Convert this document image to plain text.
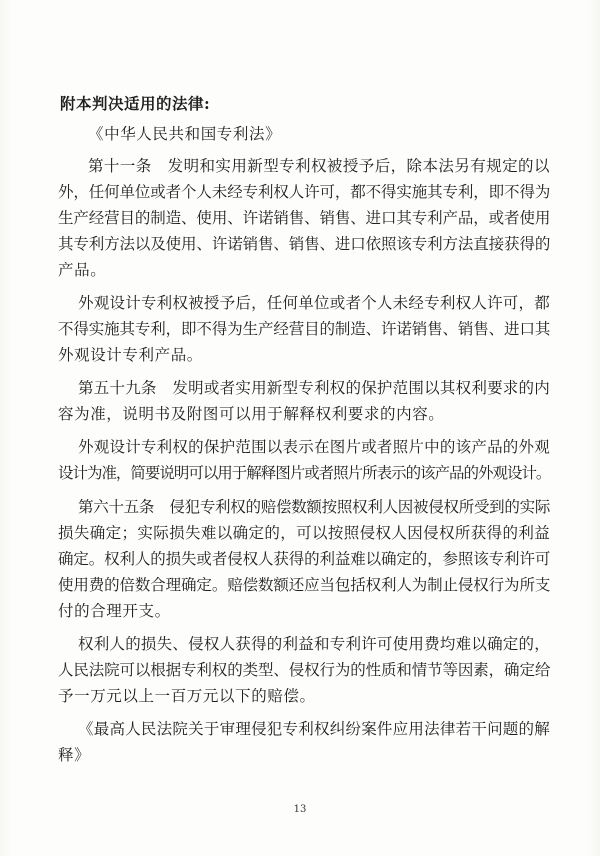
附本判决适用的法律:
《中华人民共和国专利法》
第十一条　发明和实用新型专利权被授予后，除本法另有规定的以
外，任何单位或者个人未经专利权人许可，都不得实施其专利，即不得为
生产经营目的制造、使用、许诺销售、销售、进口其专利产品，或者使用
其专利方法以及使用、许诺销售、销售、进口依照该专利方法直接获得的
产品。
外观设计专利权被授予后，任何单位或者个人未经专利权人许可，都
不得实施其专利，即不得为生产经营目的制造、许诺销售、销售、进口其
外观设计专利产品。
第五十九条　发明或者实用新型专利权的保护范围以其权利要求的内
容为准，说明书及附图可以用于解释权利要求的内容。
外观设计专利权的保护范围以表示在图片或者照片中的该产品的外观
设计为准，简要说明可以用于解释图片或者照片所表示的该产品的外观设计。
第六十五条　侵犯专利权的赔偿数额按照权利人因被侵权所受到的实际
损失确定；实际损失难以确定的，可以按照侵权人因侵权所获得的利益
确定。权利人的损失或者侵权人获得的利益难以确定的，参照该专利许可
使用费的倍数合理确定。赔偿数额还应当包括权利人为制止侵权行为所支
付的合理开支。
权利人的损失、侵权人获得的利益和专利许可使用费均难以确定的，
人民法院可以根据专利权的类型、侵权行为的性质和情节等因素，确定给
予一万元以上一百万元以下的赔偿。
《最高人民法院关于审理侵犯专利权纠纷案件应用法律若干问题的解
释》
13
